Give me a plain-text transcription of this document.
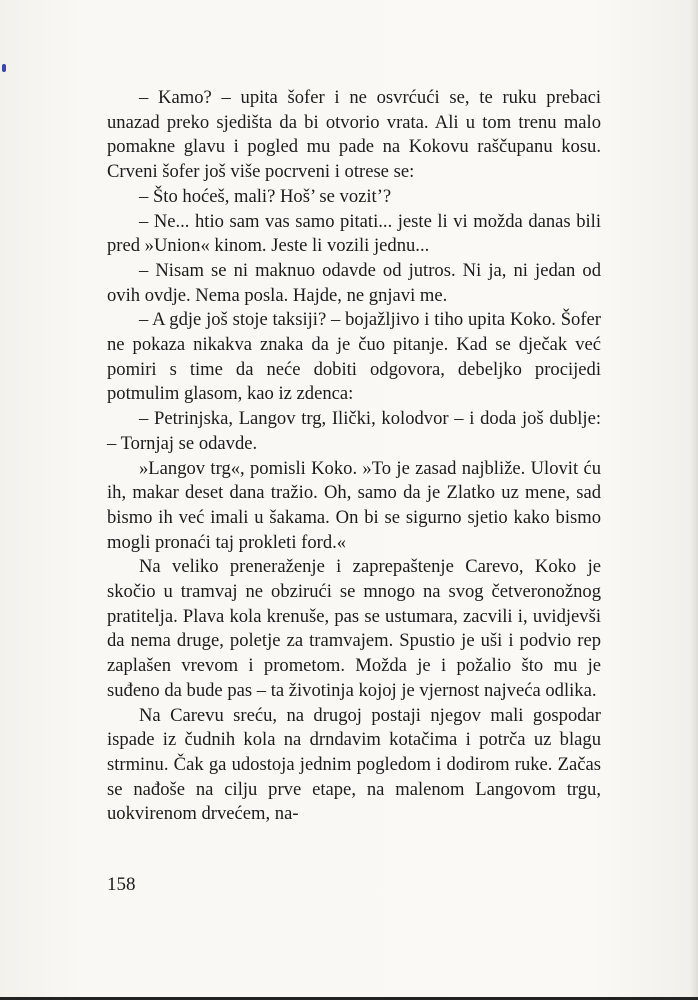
– Kamo? – upita šofer i ne osvrćući se, te ruku prebaci unazad preko sjedišta da bi otvorio vrata. Ali u tom trenu malo pomakne glavu i pogled mu pade na Kokovu raščupanu kosu. Crveni šofer još više pocrveni i otrese se:

– Što hoćeš, mali? Hoš’ se vozit’?

– Ne... htio sam vas samo pitati... jeste li vi možda danas bili pred »Union« kinom. Jeste li vozili jednu...

– Nisam se ni maknuo odavde od jutros. Ni ja, ni jedan od ovih ovdje. Nema posla. Hajde, ne gnjavi me.

– A gdje još stoje taksiji? – bojažljivo i tiho upita Koko. Šofer ne pokaza nikakva znaka da je čuo pitanje. Kad se dječak već pomiri s time da neće dobiti odgovora, debeljko procijedi potmulim glasom, kao iz zdenca:

– Petrinjska, Langov trg, Ilički, kolodvor – i doda još dublje: – Tornjaj se odavde.

»Langov trg«, pomisli Koko. »To je zasad najbliže. Ulovit ću ih, makar deset dana tražio. Oh, samo da je Zlatko uz mene, sad bismo ih već imali u šakama. On bi se sigurno sjetio kako bismo mogli pronaći taj prokleti ford.«

Na veliko preneraženje i zaprepaštenje Carevo, Koko je skočio u tramvaj ne obzirući se mnogo na svog četveronožnog pratitelja. Plava kola krenuše, pas se ustumara, zacvili i, uvidjevši da nema druge, poletje za tramvajem. Spustio je uši i podvio rep zaplašen vrevom i prometom. Možda je i požalio što mu je suđeno da bude pas – ta životinja kojoj je vjernost najveća odlika.

Na Carevu sreću, na drugoj postaji njegov mali gospodar ispade iz čudnih kola na drndavim kotačima i potrča uz blagu strminu. Čak ga udostoja jednim pogledom i dodirom ruke. Začas se nađoše na cilju prve etape, na malenom Langovom trgu, uokvirenom drvećem, na-

158
